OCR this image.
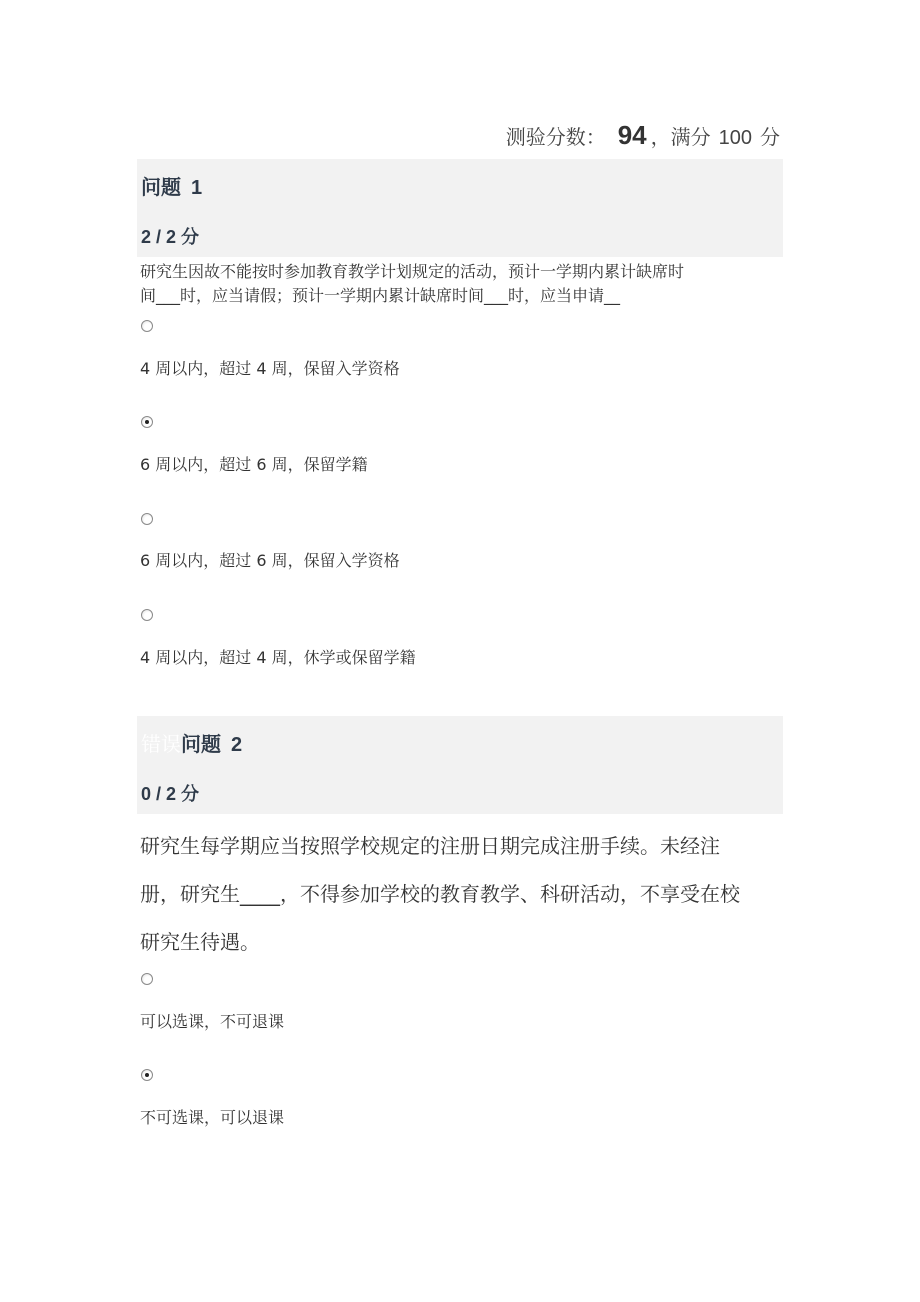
测验分数： 94 ，满分 100 分
问题 1
2 / 2 分
研究生因故不能按时参加教育教学计划规定的活动，预计一学期内累计缺席时
间___时，应当请假；预计一学期内累计缺席时间___时，应当申请__
4 周以内，超过 4 周，保留入学资格
6 周以内，超过 6 周，保留学籍
6 周以内，超过 6 周，保留入学资格
4 周以内，超过 4 周，休学或保留学籍
错误问题 2
0 / 2 分
研究生每学期应当按照学校规定的注册日期完成注册手续。未经注
册，研究生____，不得参加学校的教育教学、科研活动，不享受在校
研究生待遇。
可以选课，不可退课
不可选课，可以退课
